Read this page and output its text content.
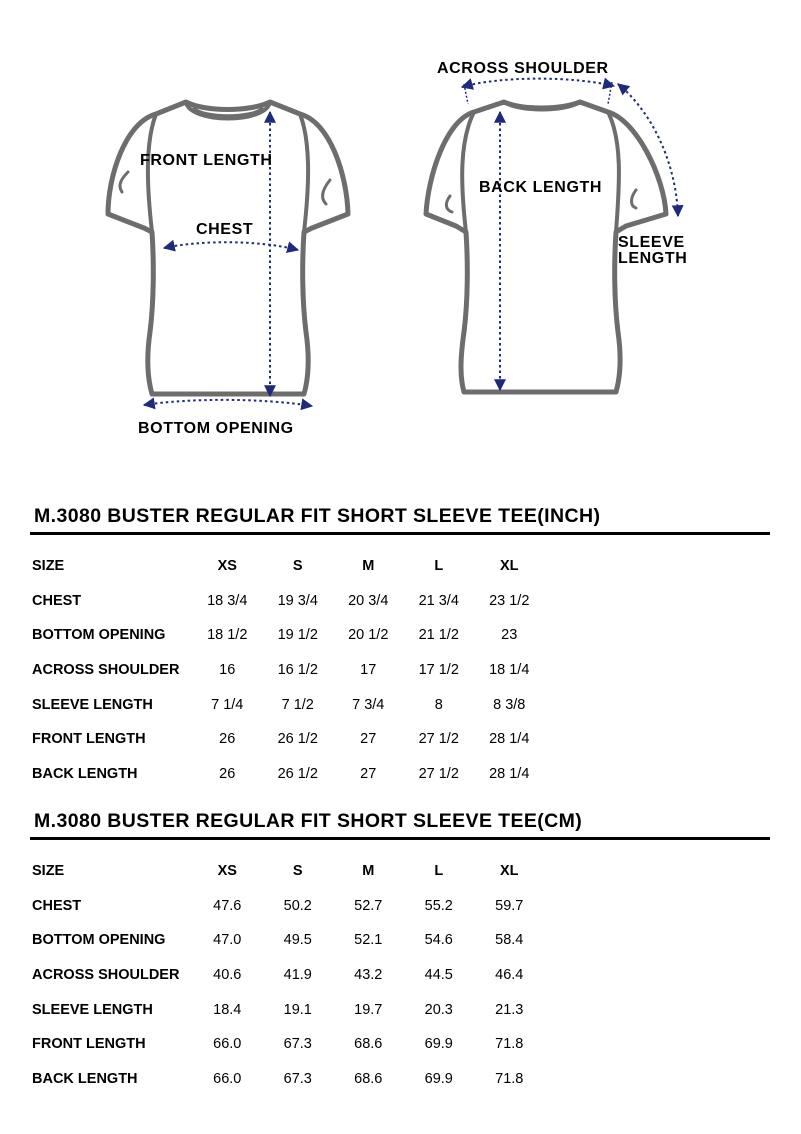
FRONT LENGTH
CHEST
BOTTOM OPENING
ACROSS SHOULDER
BACK LENGTH
SLEEVE
LENGTH
M.3080 BUSTER REGULAR FIT SHORT SLEEVE TEE(INCH)
SIZE	XS	S	M	L	XL
CHEST	18 3/4	19 3/4	20 3/4	21 3/4	23 1/2
BOTTOM OPENING	18 1/2	19 1/2	20 1/2	21 1/2	23
ACROSS SHOULDER	16	16 1/2	17	17 1/2	18 1/4
SLEEVE LENGTH	7 1/4	7 1/2	7 3/4	8	8 3/8
FRONT LENGTH	26	26 1/2	27	27 1/2	28 1/4
BACK LENGTH	26	26 1/2	27	27 1/2	28 1/4
M.3080 BUSTER REGULAR FIT SHORT SLEEVE TEE(CM)
SIZE	XS	S	M	L	XL
CHEST	47.6	50.2	52.7	55.2	59.7
BOTTOM OPENING	47.0	49.5	52.1	54.6	58.4
ACROSS SHOULDER	40.6	41.9	43.2	44.5	46.4
SLEEVE LENGTH	18.4	19.1	19.7	20.3	21.3
FRONT LENGTH	66.0	67.3	68.6	69.9	71.8
BACK LENGTH	66.0	67.3	68.6	69.9	71.8
